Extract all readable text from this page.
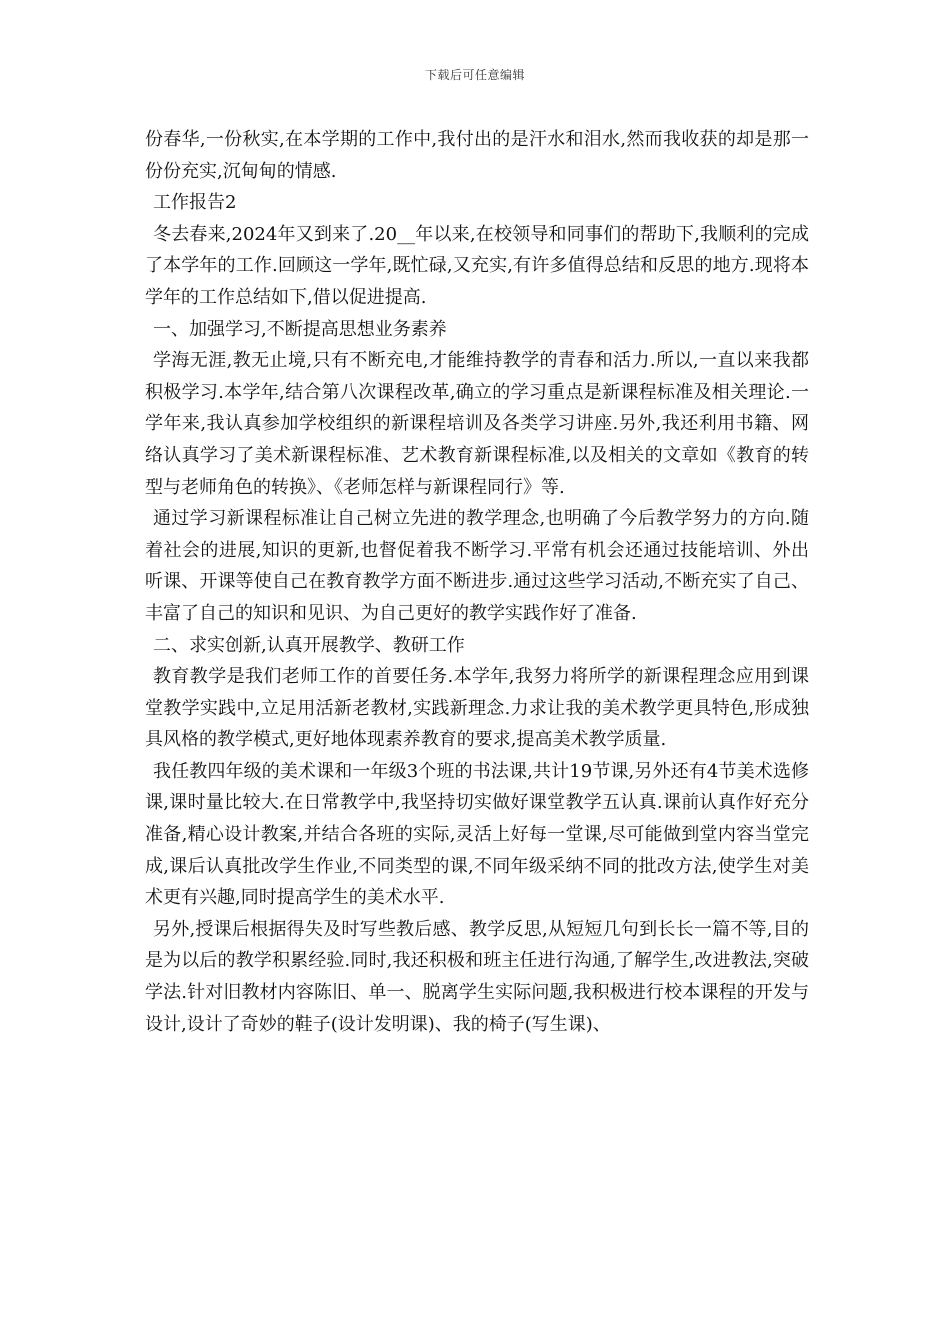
下载后可任意编辑

份春华,一份秋实,在本学期的工作中,我付出的是汗水和泪水,然而我收获的却是那一份份充实,沉甸甸的情感.

工作报告2

冬去春来,2024年又到来了.20__年以来,在校领导和同事们的帮助下,我顺利的完成了本学年的工作.回顾这一学年,既忙碌,又充实,有许多值得总结和反思的地方.现将本学年的工作总结如下,借以促进提高.

一、加强学习,不断提高思想业务素养

学海无涯,教无止境,只有不断充电,才能维持教学的青春和活力.所以,一直以来我都积极学习.本学年,结合第八次课程改革,确立的学习重点是新课程标准及相关理论.一学年来,我认真参加学校组织的新课程培训及各类学习讲座.另外,我还利用书籍、网络认真学习了美术新课程标准、艺术教育新课程标准,以及相关的文章如《教育的转型与老师角色的转换》、《老师怎样与新课程同行》等.

通过学习新课程标准让自己树立先进的教学理念,也明确了今后教学努力的方向.随着社会的进展,知识的更新,也督促着我不断学习.平常有机会还通过技能培训、外出听课、开课等使自己在教育教学方面不断进步.通过这些学习活动,不断充实了自己、丰富了自己的知识和见识、为自己更好的教学实践作好了准备.

二、求实创新,认真开展教学、教研工作

教育教学是我们老师工作的首要任务.本学年,我努力将所学的新课程理念应用到课堂教学实践中,立足用活新老教材,实践新理念.力求让我的美术教学更具特色,形成独具风格的教学模式,更好地体现素养教育的要求,提高美术教学质量.

我任教四年级的美术课和一年级3个班的书法课,共计19节课,另外还有4节美术选修课,课时量比较大.在日常教学中,我坚持切实做好课堂教学五认真.课前认真作好充分准备,精心设计教案,并结合各班的实际,灵活上好每一堂课,尽可能做到堂内容当堂完成,课后认真批改学生作业,不同类型的课,不同年级采纳不同的批改方法,使学生对美术更有兴趣,同时提高学生的美术水平.

另外,授课后根据得失及时写些教后感、教学反思,从短短几句到长长一篇不等,目的是为以后的教学积累经验.同时,我还积极和班主任进行沟通,了解学生,改进教法,突破学法.针对旧教材内容陈旧、单一、脱离学生实际问题,我积极进行校本课程的开发与设计,设计了奇妙的鞋子(设计发明课)、我的椅子(写生课)、
